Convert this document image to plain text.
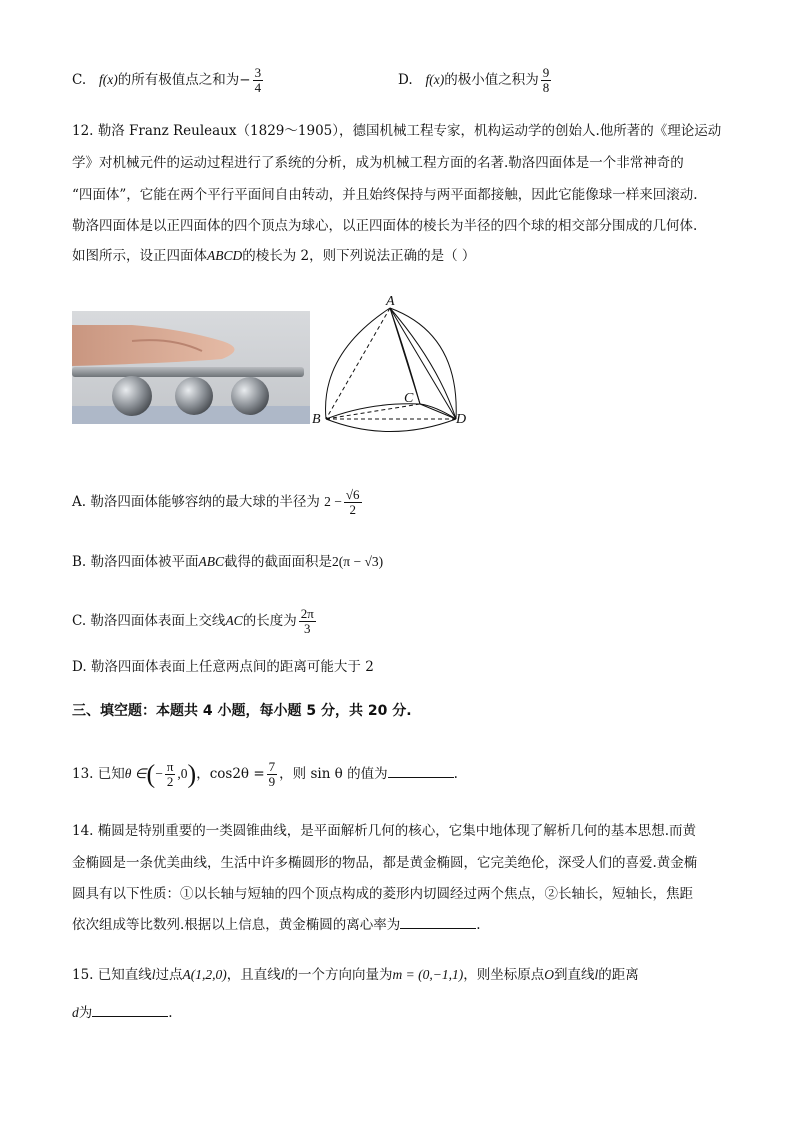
C. f(x)的所有极值点之和为− $\frac{3}{4}$	D. f(x)的极小值之积为 $\frac{9}{8}$
12. 勒洛 Franz Reuleaux（1829～1905），德国机械工程专家，机构运动学的创始人.他所著的《理论运动
学》对机械元件的运动过程进行了系统的分析，成为机械工程方面的名著.勒洛四面体是一个非常神奇的
“四面体”，它能在两个平行平面间自由转动，并且始终保持与两平面都接触，因此它能像球一样来回滚动.
勒洛四面体是以正四面体的四个顶点为球心，以正四面体的棱长为半径的四个球的相交部分围成的几何体.
如图所示，设正四面体ABCD的棱长为 2，则下列说法正确的是（ ）
A
B
C
D
A. 勒洛四面体能够容纳的最大球的半径为 $2 - \frac{√6}{2}$
B. 勒洛四面体被平面ABC截得的截面面积是2(π − √3)
C. 勒洛四面体表面上交线AC的长度为 $\frac{2\pi}{3}$
D. 勒洛四面体表面上任意两点间的距离可能大于 2
三、填空题：本题共 4 小题，每小题 5 分，共 20 分.
13. 已知θ ∈(− $\frac{\pi}{2} ,0$)，$\cos 2\theta = \frac{7}{9}$ ，则 sin θ 的值为	.
14. 椭圆是特别重要的一类圆锥曲线，是平面解析几何的核心，它集中地体现了解析几何的基本思想.而黄
金椭圆是一条优美曲线，生活中许多椭圆形的物品，都是黄金椭圆，它完美绝伦，深受人们的喜爱.黄金椭
圆具有以下性质：①以长轴与短轴的四个顶点构成的菱形内切圆经过两个焦点，②长轴长，短轴长，焦距
依次组成等比数列.根据以上信息，黄金椭圆的离心率为	.
15. 已知直线l过点A(1,2,0)，且直线l的一个方向向量为m = (0,−1,1)，则坐标原点O到直线l的距离
d为	.
